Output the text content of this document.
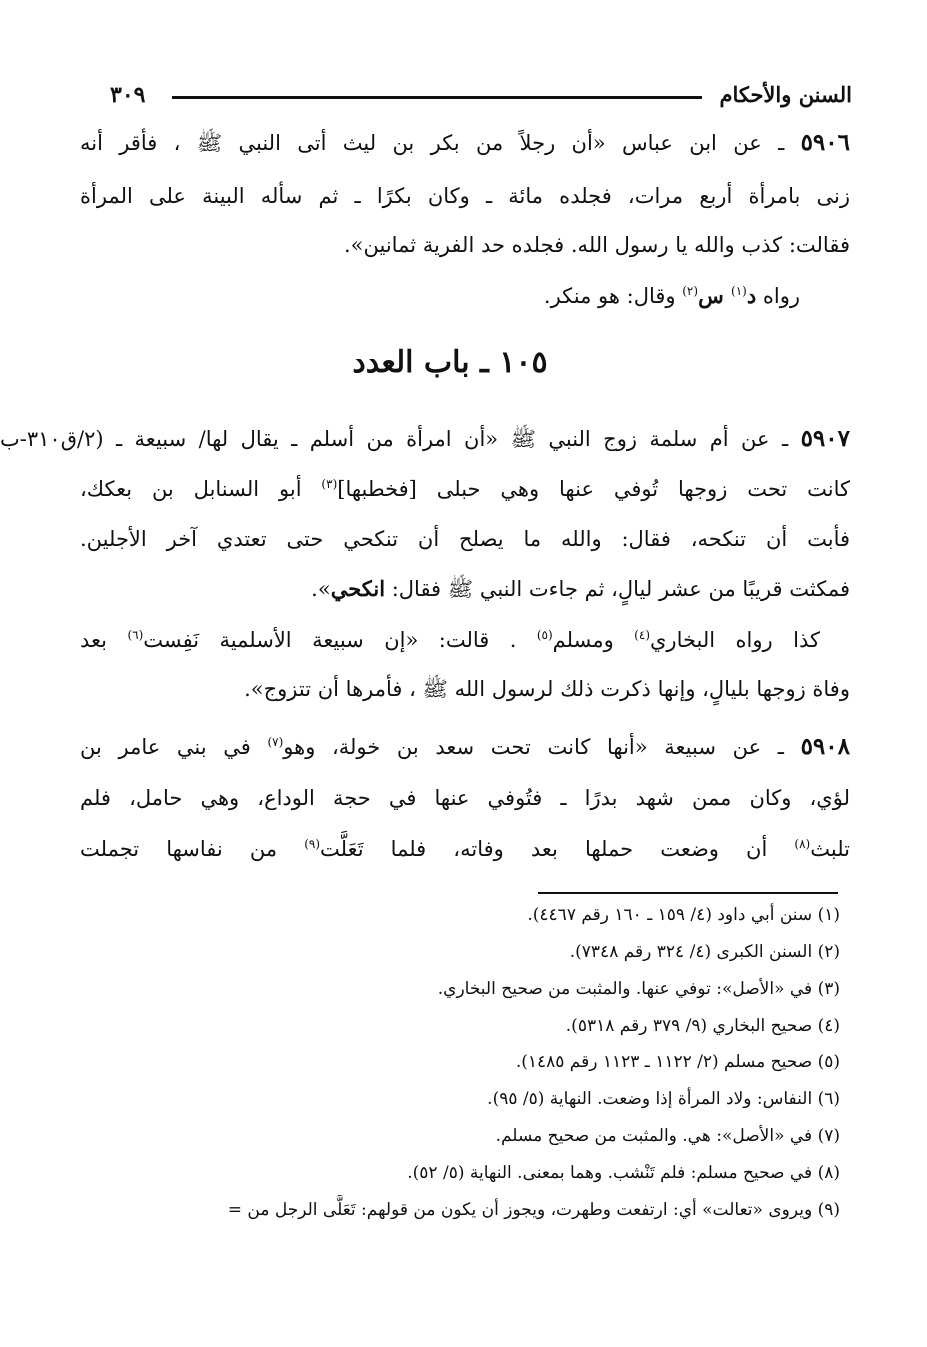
السنن والأحكام
٣٠٩
٥٩٠٦ ـ عن ابن عباس «أن رجلاً من بكر بن ليث أتى النبي ﷺ ، فأقر أنه
زنى بامرأة أربع مرات، فجلده مائة ـ وكان بكرًا ـ ثم سأله البينة على المرأة
فقالت: كذب والله يا رسول الله. فجلده حد الفرية ثمانين».
رواه د$^{(١)}$ س$^{(٢)}$ وقال: هو منكر.
١٠٥ ـ باب العدد
٥٩٠٧ ـ عن أم سلمة زوج النبي ﷺ «أن امرأة من أسلم ـ يقال لها/ سبيعة ـ (٢/ق٣١٠-ب
كانت تحت زوجها تُوفي عنها وهي حبلى [فخطبها]$^{(٣)}$ أبو السنابل بن بعكك،
فأبت أن تنكحه، فقال: والله ما يصلح أن تنكحي حتى تعتدي آخر الأجلين.
فمكثت قريبًا من عشر ليالٍ، ثم جاءت النبي ﷺ فقال: انكحي».
كذا رواه البخاري$^{(٤)}$ ومسلم$^{(٥)}$ . قالت: «إن سبيعة الأسلمية نَفِست$^{(٦)}$ بعد
وفاة زوجها بليالٍ، وإنها ذكرت ذلك لرسول الله ﷺ ، فأمرها أن تتزوج».
٥٩٠٨ ـ عن سبيعة «أنها كانت تحت سعد بن خولة، وهو$^{(٧)}$ في بني عامر بن
لؤي، وكان ممن شهد بدرًا ـ فتُوفي عنها في حجة الوداع، وهي حامل، فلم
تلبث$^{(٨)}$ أن وضعت حملها بعد وفاته، فلما تَعَلَّت$^{(٩)}$ من نفاسها تجملت
(١) سنن أبي داود (٤/ ١٥٩ ـ ١٦٠ رقم ٤٤٦٧).
(٢) السنن الكبرى (٤/ ٣٢٤ رقم ٧٣٤٨).
(٣) في «الأصل»: توفي عنها. والمثبت من صحيح البخاري.
(٤) صحيح البخاري (٩/ ٣٧٩ رقم ٥٣١٨).
(٥) صحيح مسلم (٢/ ١١٢٢ ـ ١١٢٣ رقم ١٤٨٥).
(٦) النفاس: ولاد المرأة إذا وضعت. النهاية (٥/ ٩٥).
(٧) في «الأصل»: هي. والمثبت من صحيح مسلم.
(٨) في صحيح مسلم: فلم تَنْشب. وهما بمعنى. النهاية (٥/ ٥٢).
(٩) ويروى «تعالت» أي: ارتفعت وطهرت، ويجوز أن يكون من قولهم: تَعَلَّى الرجل من =
